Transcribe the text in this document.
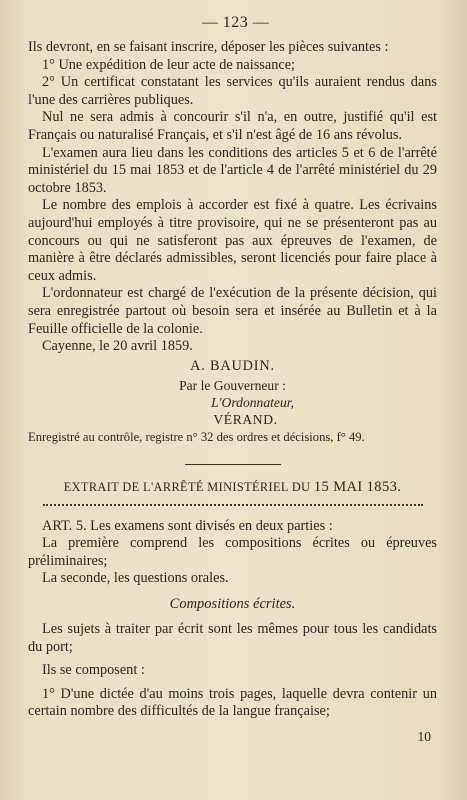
— 123 —

Ils devront, en se faisant inscrire, déposer les pièces suivantes :

1° Une expédition de leur acte de naissance;

2° Un certificat constatant les services qu'ils auraient rendus dans l'une des carrières publiques.

Nul ne sera admis à concourir s'il n'a, en outre, justifié qu'il est Français ou naturalisé Français, et s'il n'est âgé de 16 ans révolus.

L'examen aura lieu dans les conditions des articles 5 et 6 de l'arrêté ministériel du 15 mai 1853 et de l'article 4 de l'arrêté ministériel du 29 octobre 1853.

Le nombre des emplois à accorder est fixé à quatre. Les écrivains aujourd'hui employés à titre provisoire, qui ne se présenteront pas au concours ou qui ne satisferont pas aux épreuves de l'examen, de manière à être déclarés admissibles, seront licenciés pour faire place à ceux admis.

L'ordonnateur est chargé de l'exécution de la présente décision, qui sera enregistrée partout où besoin sera et insérée au Bulletin et à la Feuille officielle de la colonie.

Cayenne, le 20 avril 1859.

A. BAUDIN.
Par le Gouverneur :
L'Ordonnateur,
VÉRAND.
Enregistré au contrôle, registre n° 32 des ordres et décisions, f° 49.
EXTRAIT DE L'ARRÊTÉ MINISTÉRIEL DU 15 MAI 1853.

ART. 5. Les examens sont divisés en deux parties :

La première comprend les compositions écrites ou épreuves préliminaires;

La seconde, les questions orales.

Compositions écrites.

Les sujets à traiter par écrit sont les mêmes pour tous les candidats du port;

Ils se composent :

1° D'une dictée d'au moins trois pages, laquelle devra contenir un certain nombre des difficultés de la langue française;

10
